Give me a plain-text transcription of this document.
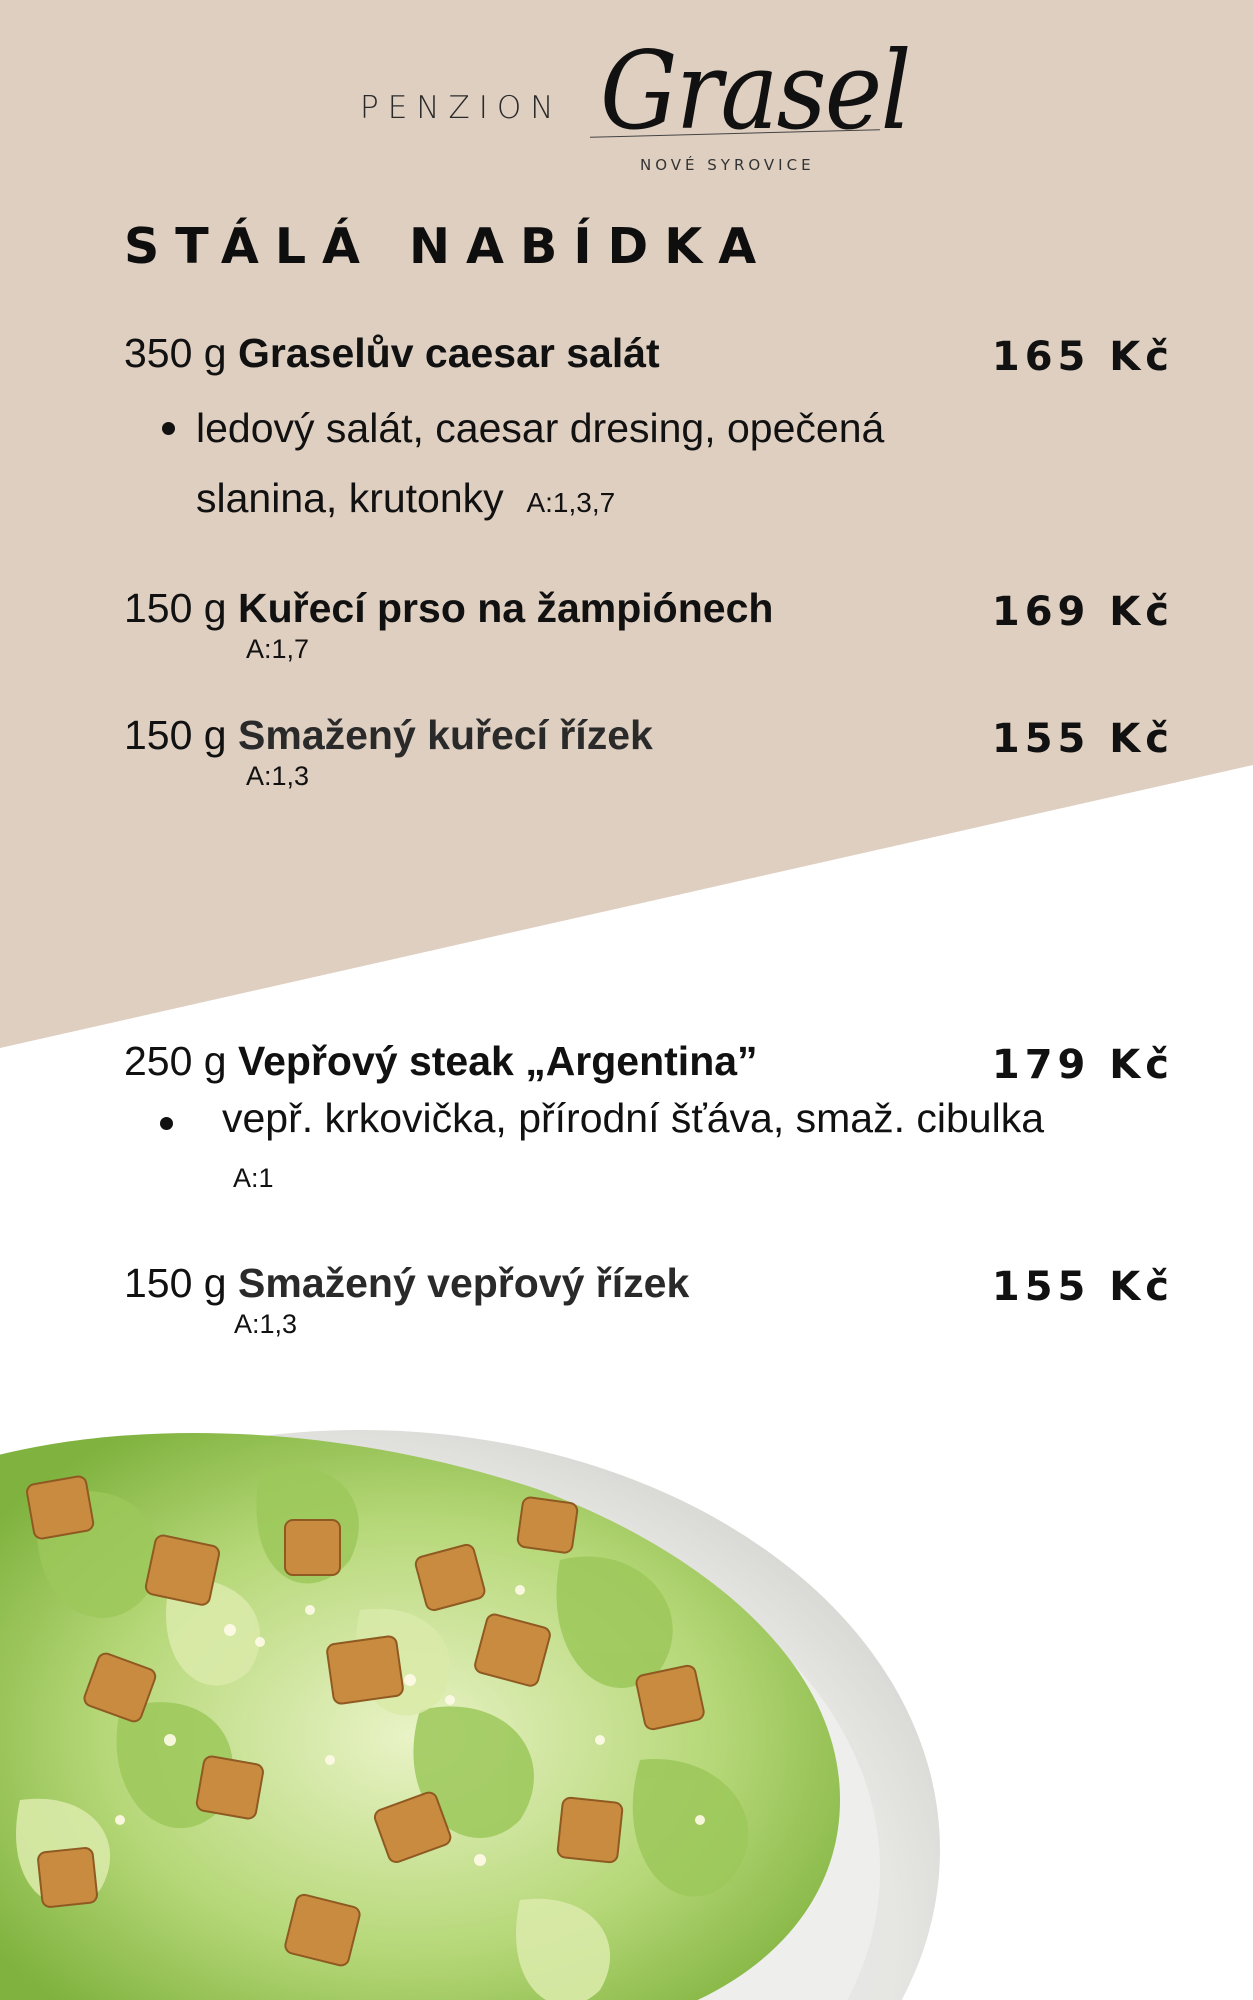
PENZION Grasel
NOVÉ SYROVICE
STÁLÁ NABÍDKA
350 g Graselův caesar salát	165 Kč
ledový salát, caesar dresing, opečená
slanina, krutonky A:1,3,7
150 g Kuřecí prso na žampiónech	169 Kč
A:1,7
150 g Smažený kuřecí řízek	155 Kč
A:1,3
250 g Vepřový steak „Argentina”	179 Kč
vepř. krkovička, přírodní šťáva, smaž. cibulka
A:1
150 g Smažený vepřový řízek	155 Kč
A:1,3
